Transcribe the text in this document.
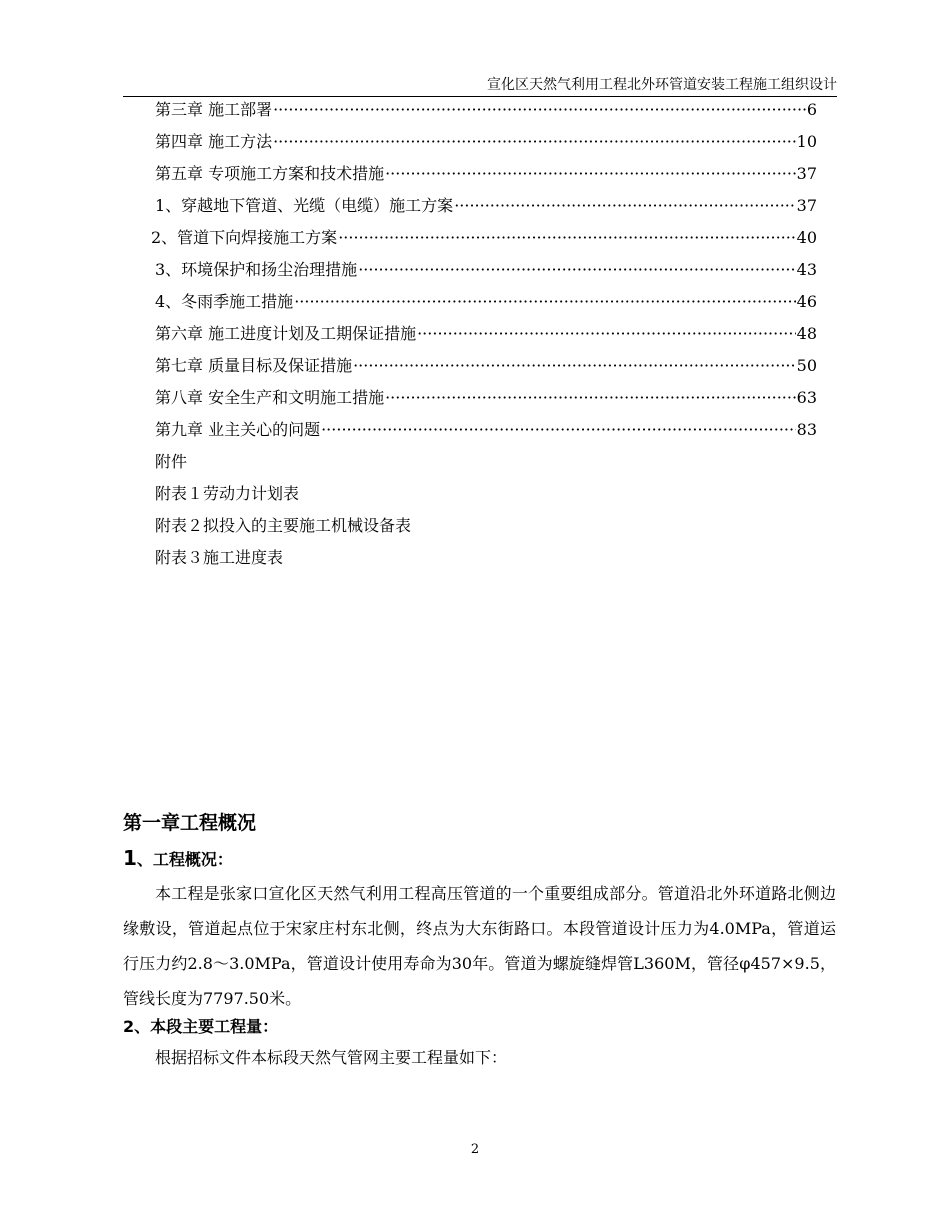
宣化区天然气利用工程北外环管道安装工程施工组织设计
第三章 施工部署 ·····	6
第四章 施工方法 ·····	10
第五章 专项施工方案和技术措施 ·····	37
1、穿越地下管道、光缆（电缆）施工方案 ·····	37
2、管道下向焊接施工方案 ·····	40
3、环境保护和扬尘治理措施 ·····	43
4、冬雨季施工措施 ·····	46
第六章 施工进度计划及工期保证措施 ·····	48
第七章 质量目标及保证措施 ·····	50
第八章 安全生产和文明施工措施 ·····	63
第九章 业主关心的问题 ·····	83
附件
附表１劳动力计划表
附表２拟投入的主要施工机械设备表
附表３施工进度表
第一章工程概况
1、工程概况：
本工程是张家口宣化区天然气利用工程高压管道的一个重要组成部分。管道沿北外环道路北侧边缘敷设，管道起点位于宋家庄村东北侧，终点为大东街路口。本段管道设计压力为4.0MPa，管道运行压力约2.8～3.0MPa，管道设计使用寿命为30年。管道为螺旋缝焊管L360M，管径φ457×9.5，管线长度为7797.50米。
2、本段主要工程量：
根据招标文件本标段天然气管网主要工程量如下：
2
